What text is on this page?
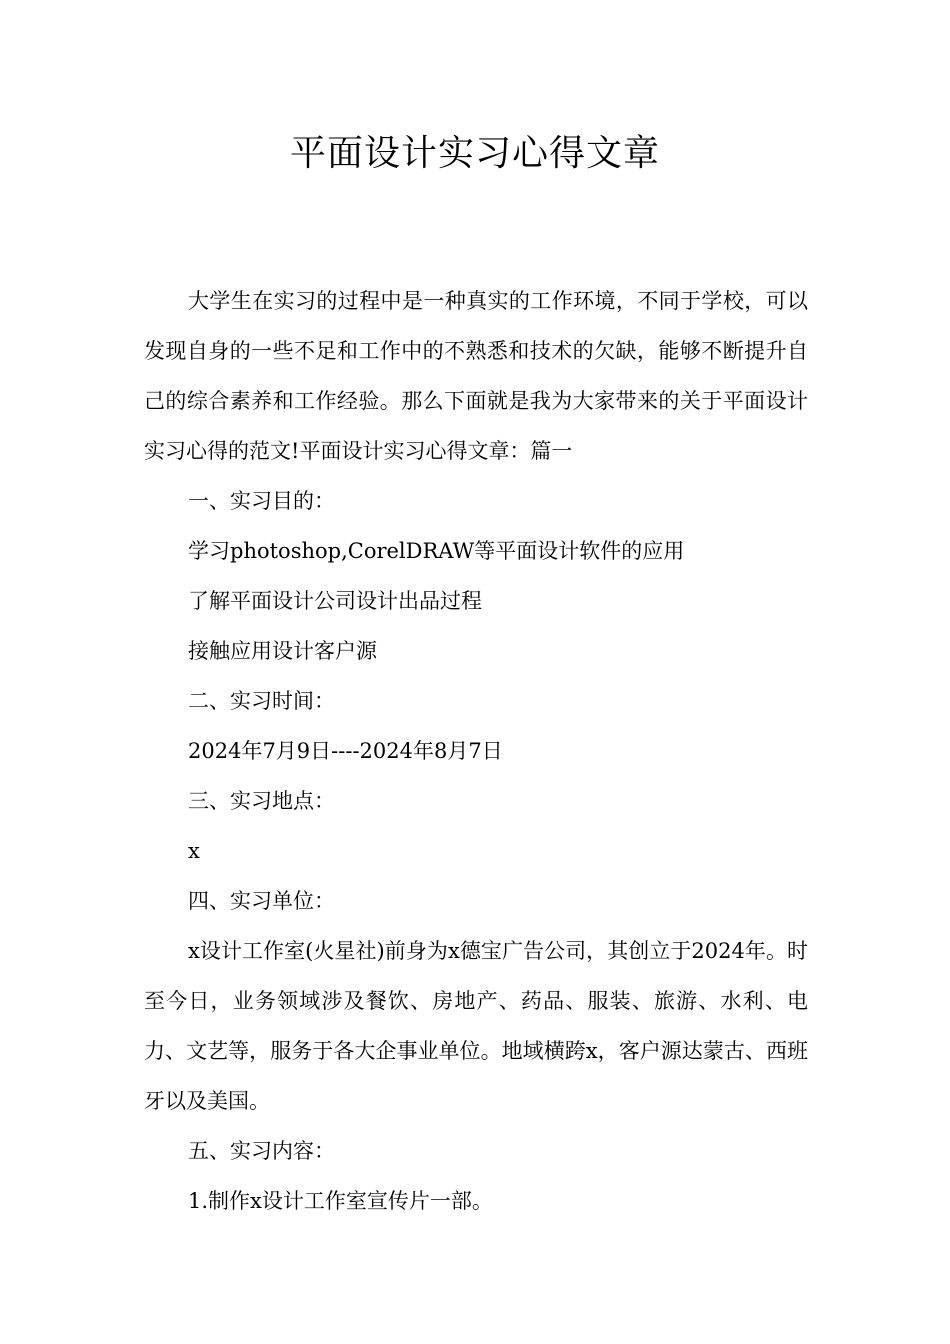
平面设计实习心得文章

大学生在实习的过程中是一种真实的工作环境，不同于学校，可以发现自身的一些不足和工作中的不熟悉和技术的欠缺，能够不断提升自己的综合素养和工作经验。那么下面就是我为大家带来的关于平面设计实习心得的范文!平面设计实习心得文章：篇一

一、实习目的：

学习photoshop,CorelDRAW等平面设计软件的应用

了解平面设计公司设计出品过程

接触应用设计客户源

二、实习时间：

2024年7月9日----2024年8月7日

三、实习地点：

x

四、实习单位：

x设计工作室(火星社)前身为x德宝广告公司，其创立于2024年。时至今日，业务领域涉及餐饮、房地产、药品、服装、旅游、水利、电力、文艺等，服务于各大企事业单位。地域横跨x，客户源达蒙古、西班牙以及美国。

五、实习内容：

1.制作x设计工作室宣传片一部。
